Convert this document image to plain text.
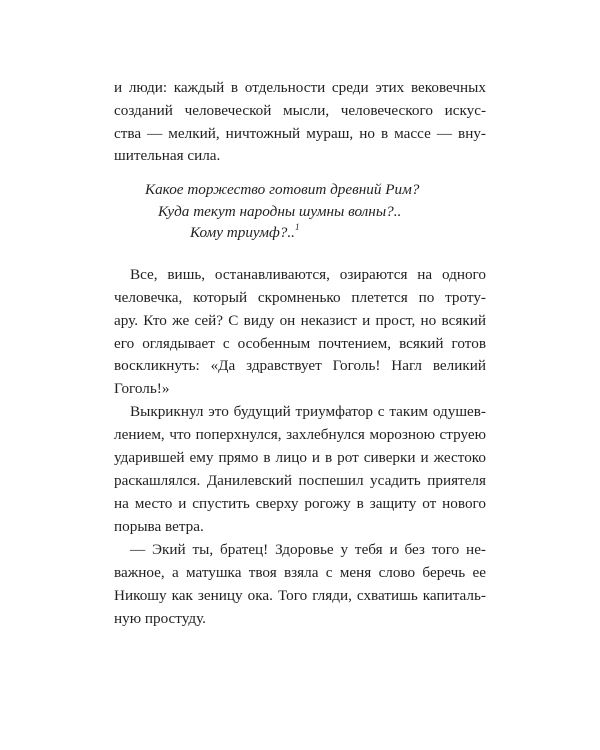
и люди: каждый в отдельности среди этих вековечных
созданий человеческой мысли, человеческого искус-
ства — мелкий, ничтожный мураш, но в массе — вну-
шительная сила.
Какое торжество готовит древний Рим?
Куда текут народны шумны волны?..
Кому триумф?..$^1$
Все, вишь, останавливаются, озираются на одного
человечка, который скромненько плетется по троту-
ару. Кто же сей? С виду он неказист и прост, но всякий
его оглядывает с особенным почтением, всякий готов
воскликнуть: «Да здравствует Гоголь! Нагл великий
Гоголь!»
Выкрикнул это будущий триумфатор с таким одушев-
лением, что поперхнулся, захлебнулся морозною струею
ударившей ему прямо в лицо и в рот сиверки и жестоко
раскашлялся. Данилевский поспешил усадить приятеля
на место и спустить сверху рогожу в защиту от нового
порыва ветра.
— Экий ты, братец! Здоровье у тебя и без того не-
важное, а матушка твоя взяла с меня слово беречь ее
Никошу как зеницу ока. Того гляди, схватишь капиталь-
ную простуду.
